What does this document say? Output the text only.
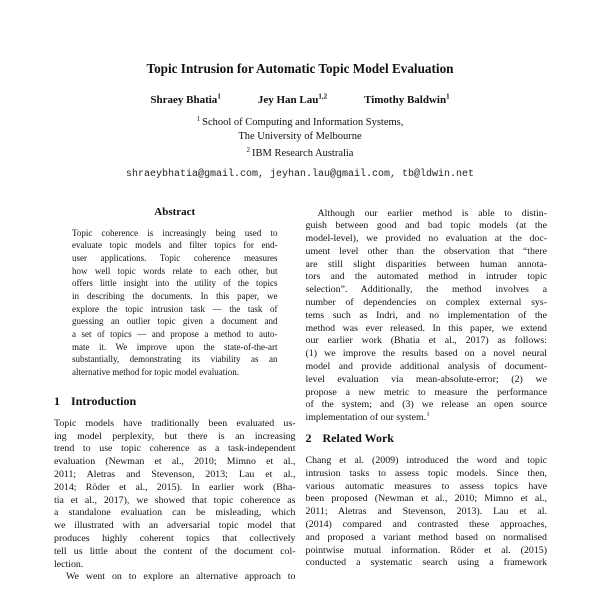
Topic Intrusion for Automatic Topic Model Evaluation
Shraey Bhatia$^1$	Jey Han Lau$^{1,2}$	Timothy Baldwin$^1$
$^1$ School of Computing and Information Systems,
The University of Melbourne
$^2$ IBM Research Australia
shraeybhatia@gmail.com, jeyhan.lau@gmail.com, tb@ldwin.net
Abstract
Topic coherence is increasingly being used to
evaluate topic models and filter topics for end-
user applications. Topic coherence measures
how well topic words relate to each other, but
offers little insight into the utility of the topics
in describing the documents. In this paper, we
explore the topic intrusion task — the task of
guessing an outlier topic given a document and
a set of topics — and propose a method to auto-
mate it. We improve upon the state-of-the-art
substantially, demonstrating its viability as an
alternative method for topic model evaluation.
1 Introduction
Topic models have traditionally been evaluated us-
ing model perplexity, but there is an increasing
trend to use topic coherence as a task-independent
evaluation (Newman et al., 2010; Mimno et al.,
2011; Aletras and Stevenson, 2013; Lau et al.,
2014; Röder et al., 2015). In earlier work (Bha-
tia et al., 2017), we showed that topic coherence as
a standalone evaluation can be misleading, which
we illustrated with an adversarial topic model that
produces highly coherent topics that collectively
tell us little about the content of the document col-
lection.
We went on to explore an alternative approach to
Although our earlier method is able to distin-
guish between good and bad topic models (at the
model-level), we provided no evaluation at the doc-
ument level other than the observation that “there
are still slight disparities between human annota-
tors and the automated method in intruder topic
selection”. Additionally, the method involves a
number of dependencies on complex external sys-
tems such as Indri, and no implementation of the
method was ever released. In this paper, we extend
our earlier work (Bhatia et al., 2017) as follows:
(1) we improve the results based on a novel neural
model and provide additional analysis of document-
level evaluation via mean-absolute-error; (2) we
propose a new metric to measure the performance
of the system; and (3) we release an open source
implementation of our system.$^1$
2 Related Work
Chang et al. (2009) introduced the word and topic
intrusion tasks to assess topic models. Since then,
various automatic measures to assess topics have
been proposed (Newman et al., 2010; Mimno et al.,
2011; Aletras and Stevenson, 2013). Lau et al.
(2014) compared and contrasted these approaches,
and proposed a variant method based on normalised
pointwise mutual information. Röder et al. (2015)
conducted a systematic search using a framework
